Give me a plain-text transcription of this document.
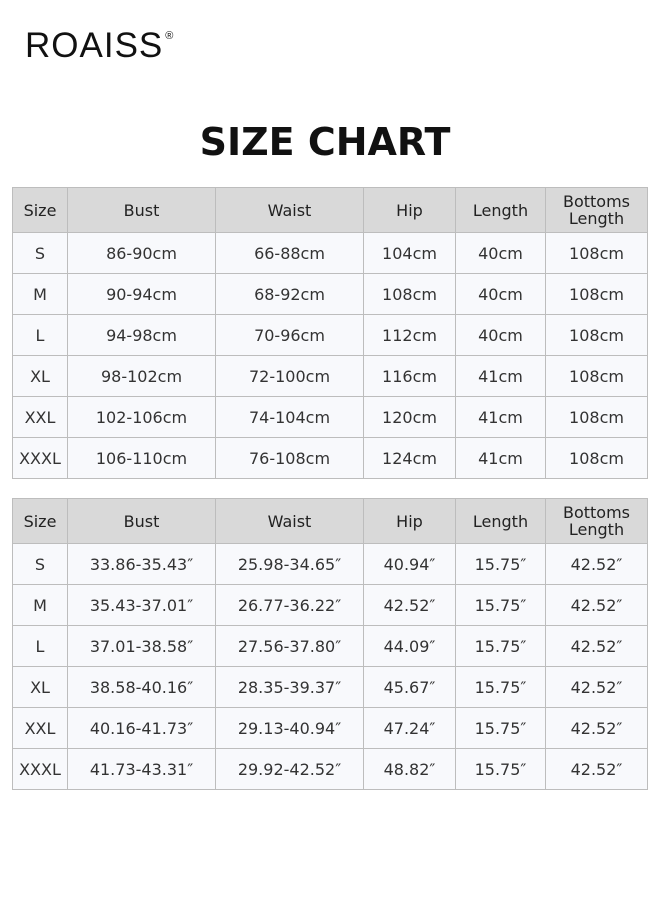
ROAISS ®
SIZE CHART
Size	Bust	Waist	Hip	Length	Bottoms Length
S	86-90cm	66-88cm	104cm	40cm	108cm
M	90-94cm	68-92cm	108cm	40cm	108cm
L	94-98cm	70-96cm	112cm	40cm	108cm
XL	98-102cm	72-100cm	116cm	41cm	108cm
XXL	102-106cm	74-104cm	120cm	41cm	108cm
XXXL	106-110cm	76-108cm	124cm	41cm	108cm
Size	Bust	Waist	Hip	Length	Bottoms Length
S	33.86-35.43″	25.98-34.65″	40.94″	15.75″	42.52″
M	35.43-37.01″	26.77-36.22″	42.52″	15.75″	42.52″
L	37.01-38.58″	27.56-37.80″	44.09″	15.75″	42.52″
XL	38.58-40.16″	28.35-39.37″	45.67″	15.75″	42.52″
XXL	40.16-41.73″	29.13-40.94″	47.24″	15.75″	42.52″
XXXL	41.73-43.31″	29.92-42.52″	48.82″	15.75″	42.52″
